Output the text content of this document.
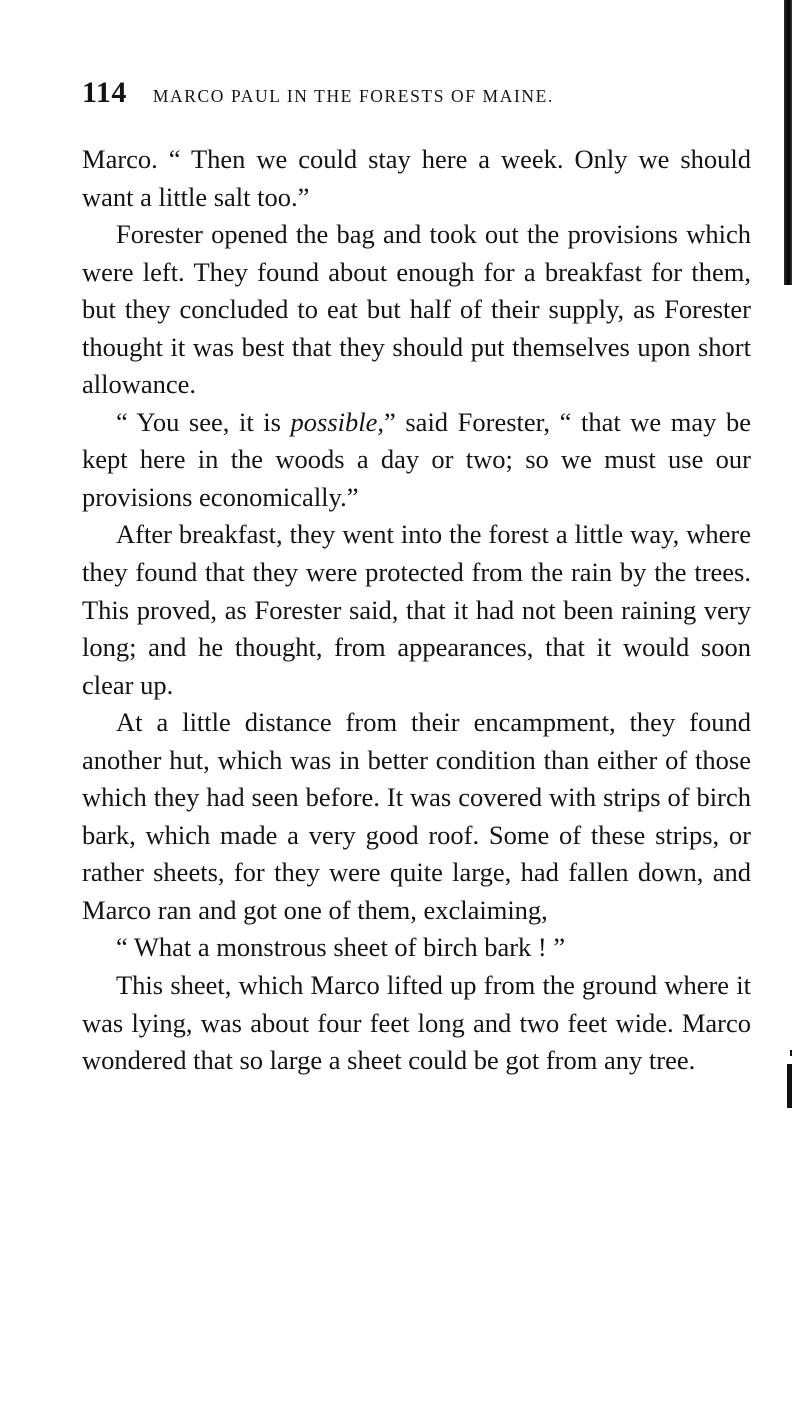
114 MARCO PAUL IN THE FORESTS OF MAINE.

Marco. “ Then we could stay here a week. Only we should want a little salt too.”

Forester opened the bag and took out the provisions which were left. They found about enough for a breakfast for them, but they concluded to eat but half of their supply, as Forester thought it was best that they should put themselves upon short allowance.

“ You see, it is possible,” said Forester, “ that we may be kept here in the woods a day or two; so we must use our provisions economically.”

After breakfast, they went into the forest a little way, where they found that they were protected from the rain by the trees. This proved, as Forester said, that it had not been raining very long; and he thought, from appearances, that it would soon clear up.

At a little distance from their encampment, they found another hut, which was in better condition than either of those which they had seen before. It was covered with strips of birch bark, which made a very good roof. Some of these strips, or rather sheets, for they were quite large, had fallen down, and Marco ran and got one of them, exclaiming,

“ What a monstrous sheet of birch bark ! ”

This sheet, which Marco lifted up from the ground where it was lying, was about four feet long and two feet wide. Marco wondered that so large a sheet could be got from any tree.
